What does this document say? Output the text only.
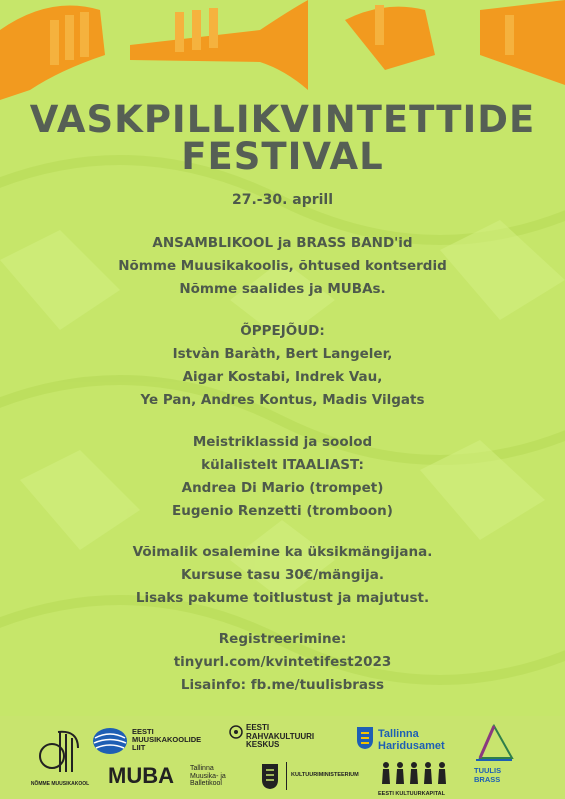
VASKPILLIKVINTETTIDE
FESTIVAL
27.-30. aprill
ANSAMBLIKOOL ja BRASS BAND'id
Nõmme Muusikakoolis, õhtused kontserdid
Nõmme saalides ja MUBAs.
ÕPPEJÕUD:
Istvàn Baràth, Bert Langeler,
Aigar Kostabi, Indrek Vau,
Ye Pan, Andres Kontus, Madis Vilgats
Meistriklassid ja soolod
külalistelt ITAALIAST:
Andrea Di Mario (trompet)
Eugenio Renzetti (tromboon)
Võimalik osalemine ka üksikmängijana.
Kursuse tasu 30€/mängija.
Lisaks pakume toitlustust ja majutust.
Registreerimine:
tinyurl.com/kvintetifest2023
Lisainfo: fb.me/tuulisbrass
NÕMME MUUSIKAKOOL
EESTI
MUUSIKAKOOLIDE
LIIT
EESTI
RAHVAKULTUURI
KESKUS
Tallinna
Haridusamet
TUULIS
BRASS
MUBA Tallinna
Muusika- ja
Balletikool
KULTUURIMINISTEERIUM
EESTI KULTUURKAPITAL
